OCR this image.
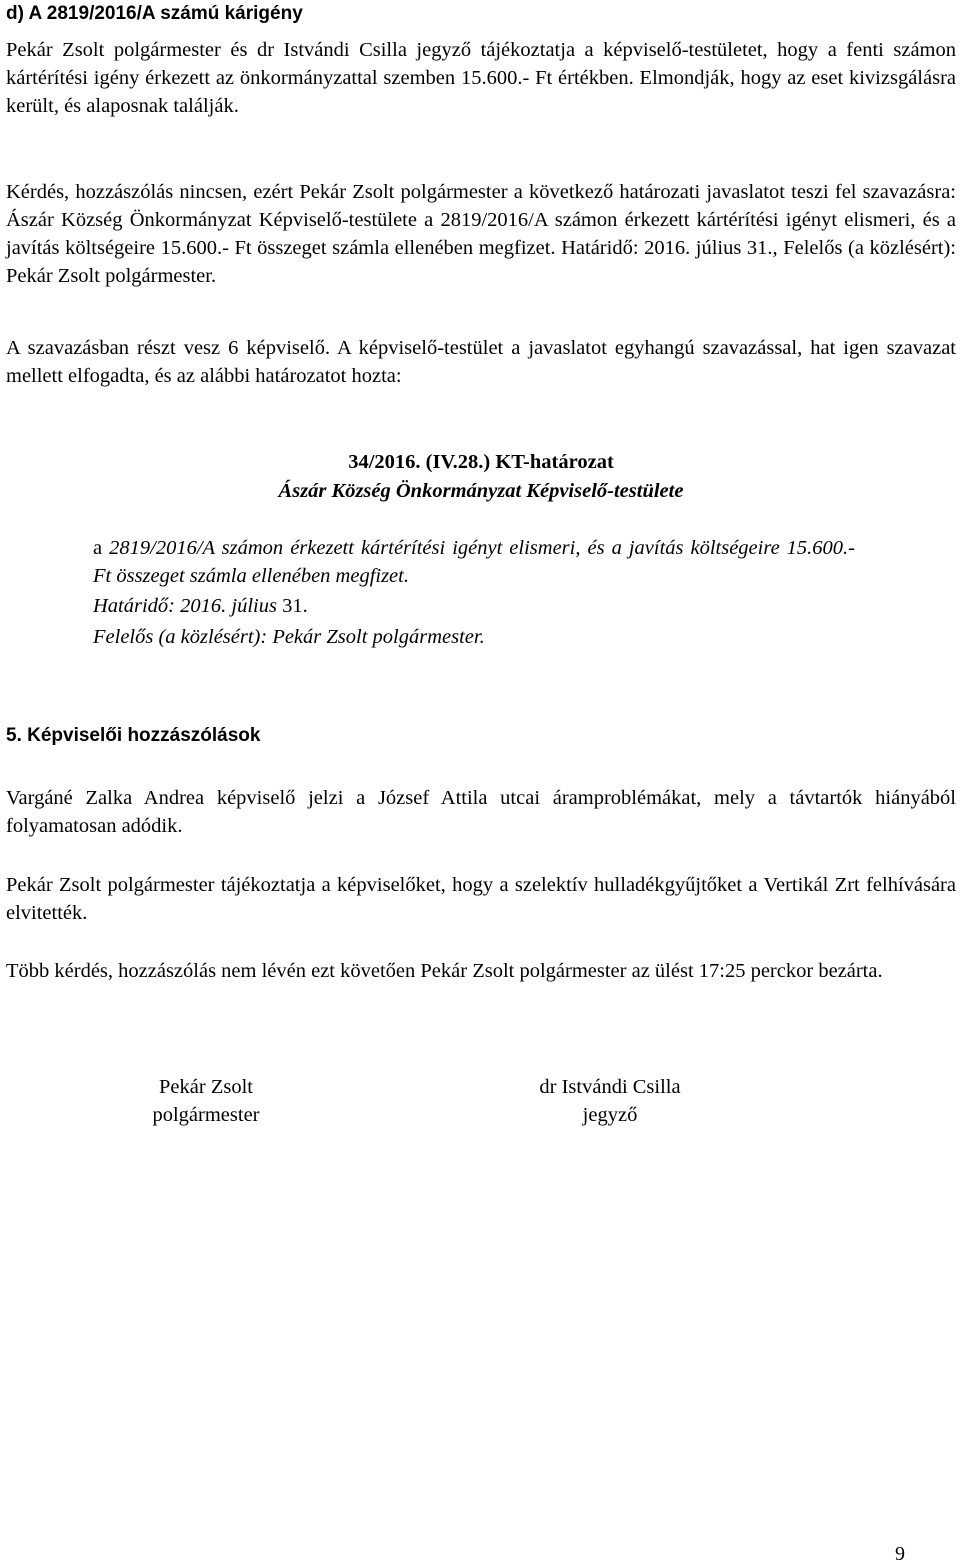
d) A 2819/2016/A számú kárigény
Pekár Zsolt polgármester és dr Istvándi Csilla jegyző tájékoztatja a képviselő-testületet, hogy a fenti számon kártérítési igény érkezett az önkormányzattal szemben 15.600.- Ft értékben. Elmondják, hogy az eset kivizsgálásra került, és alaposnak találják.
Kérdés, hozzászólás nincsen, ezért Pekár Zsolt polgármester a következő határozati javaslatot teszi fel szavazásra: Ászár Község Önkormányzat Képviselő-testülete a 2819/2016/A számon érkezett kártérítési igényt elismeri, és a javítás költségeire 15.600.- Ft összeget számla ellenében megfizet. Határidő: 2016. július 31., Felelős (a közlésért): Pekár Zsolt polgármester.
A szavazásban részt vesz 6 képviselő. A képviselő-testület a javaslatot egyhangú szavazással, hat igen szavazat mellett elfogadta, és az alábbi határozatot hozta:
34/2016. (IV.28.) KT-határozat
Ászár Község Önkormányzat Képviselő-testülete
a 2819/2016/A számon érkezett kártérítési igényt elismeri, és a javítás költségeire 15.600.- Ft összeget számla ellenében megfizet.
Határidő: 2016. július 31.
Felelős (a közlésért): Pekár Zsolt polgármester.
5. Képviselői hozzászólások
Vargáné Zalka Andrea képviselő jelzi a József Attila utcai áramproblémákat, mely a távtartók hiányából folyamatosan adódik.
Pekár Zsolt polgármester tájékoztatja a képviselőket, hogy a szelektív hulladékgyűjtőket a Vertikál Zrt felhívására elvitették.
Több kérdés, hozzászólás nem lévén ezt követően Pekár Zsolt polgármester az ülést 17:25 perckor bezárta.
Pekár Zsolt
polgármester
dr Istvándi Csilla
jegyző
9
